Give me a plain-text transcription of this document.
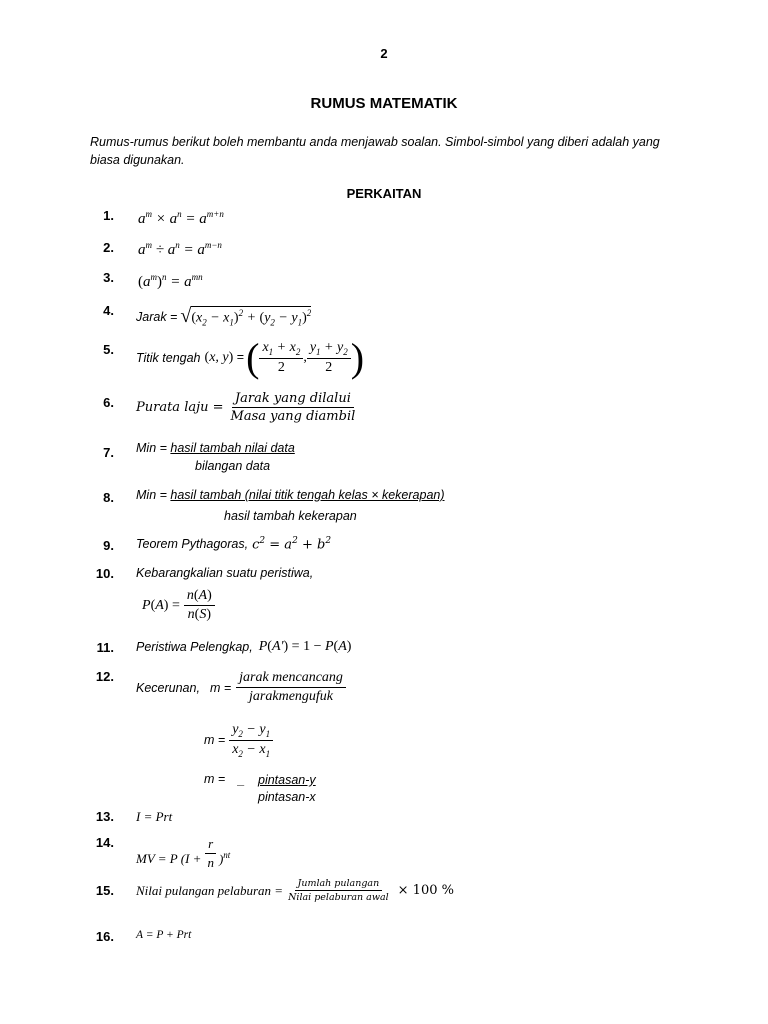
2
RUMUS MATEMATIK
Rumus-rumus berikut boleh membantu anda menjawab soalan. Simbol-simbol yang diberi adalah yang biasa digunakan.
PERKAITAN
1.
2.
3.
4.
5.
6.
7.
8.
9.
10.
11.
12.
13.
14.
15.
16.
$a^m \times a^n = a^{m+n}$
$a^m \div a^n = a^{m-n}$
$(a^m)^n = a^{mn}$
Jarak = √ $(x_2 - x_1)^2 + (y_2 - y_1)^2$
Titik tengah (x, y) = ( $\frac{x_1 + x_2}{2}$ , $\frac{y_1 + y_2}{2}$ )
Purata laju = $\frac{\text{Jarak yang dilalui}}{\text{Masa yang diambil}}$
Min = hasil tambah nilai data
bilangan data
Min = hasil tambah (nilai titik tengah kelas × kekerapan)
hasil tambah kekerapan
Teorem Pythagoras, $c^2 = a^2 + b^2$
Kebarangkalian suatu peristiwa,
$P(A) = \frac{n(A)}{n(S)}$
Peristiwa Pelengkap, P(A') = 1 − P(A)
Kecerunan, $m = \frac{\text{jarak mencancang}}{\text{jarakmengufuk}}$
$m = \frac{y_2 - y_1}{x_2 - x_1}$
m = _ pintasan-y
pintasan-x
I = Prt
MV = P $(I + \frac{r}{n} )^{nt}$
Nilai pulangan pelaburan = $\frac{\text{Jumlah pulangan}}{\text{Nilai pelaburan awal}} \times 100$ %
A = P + Prt
